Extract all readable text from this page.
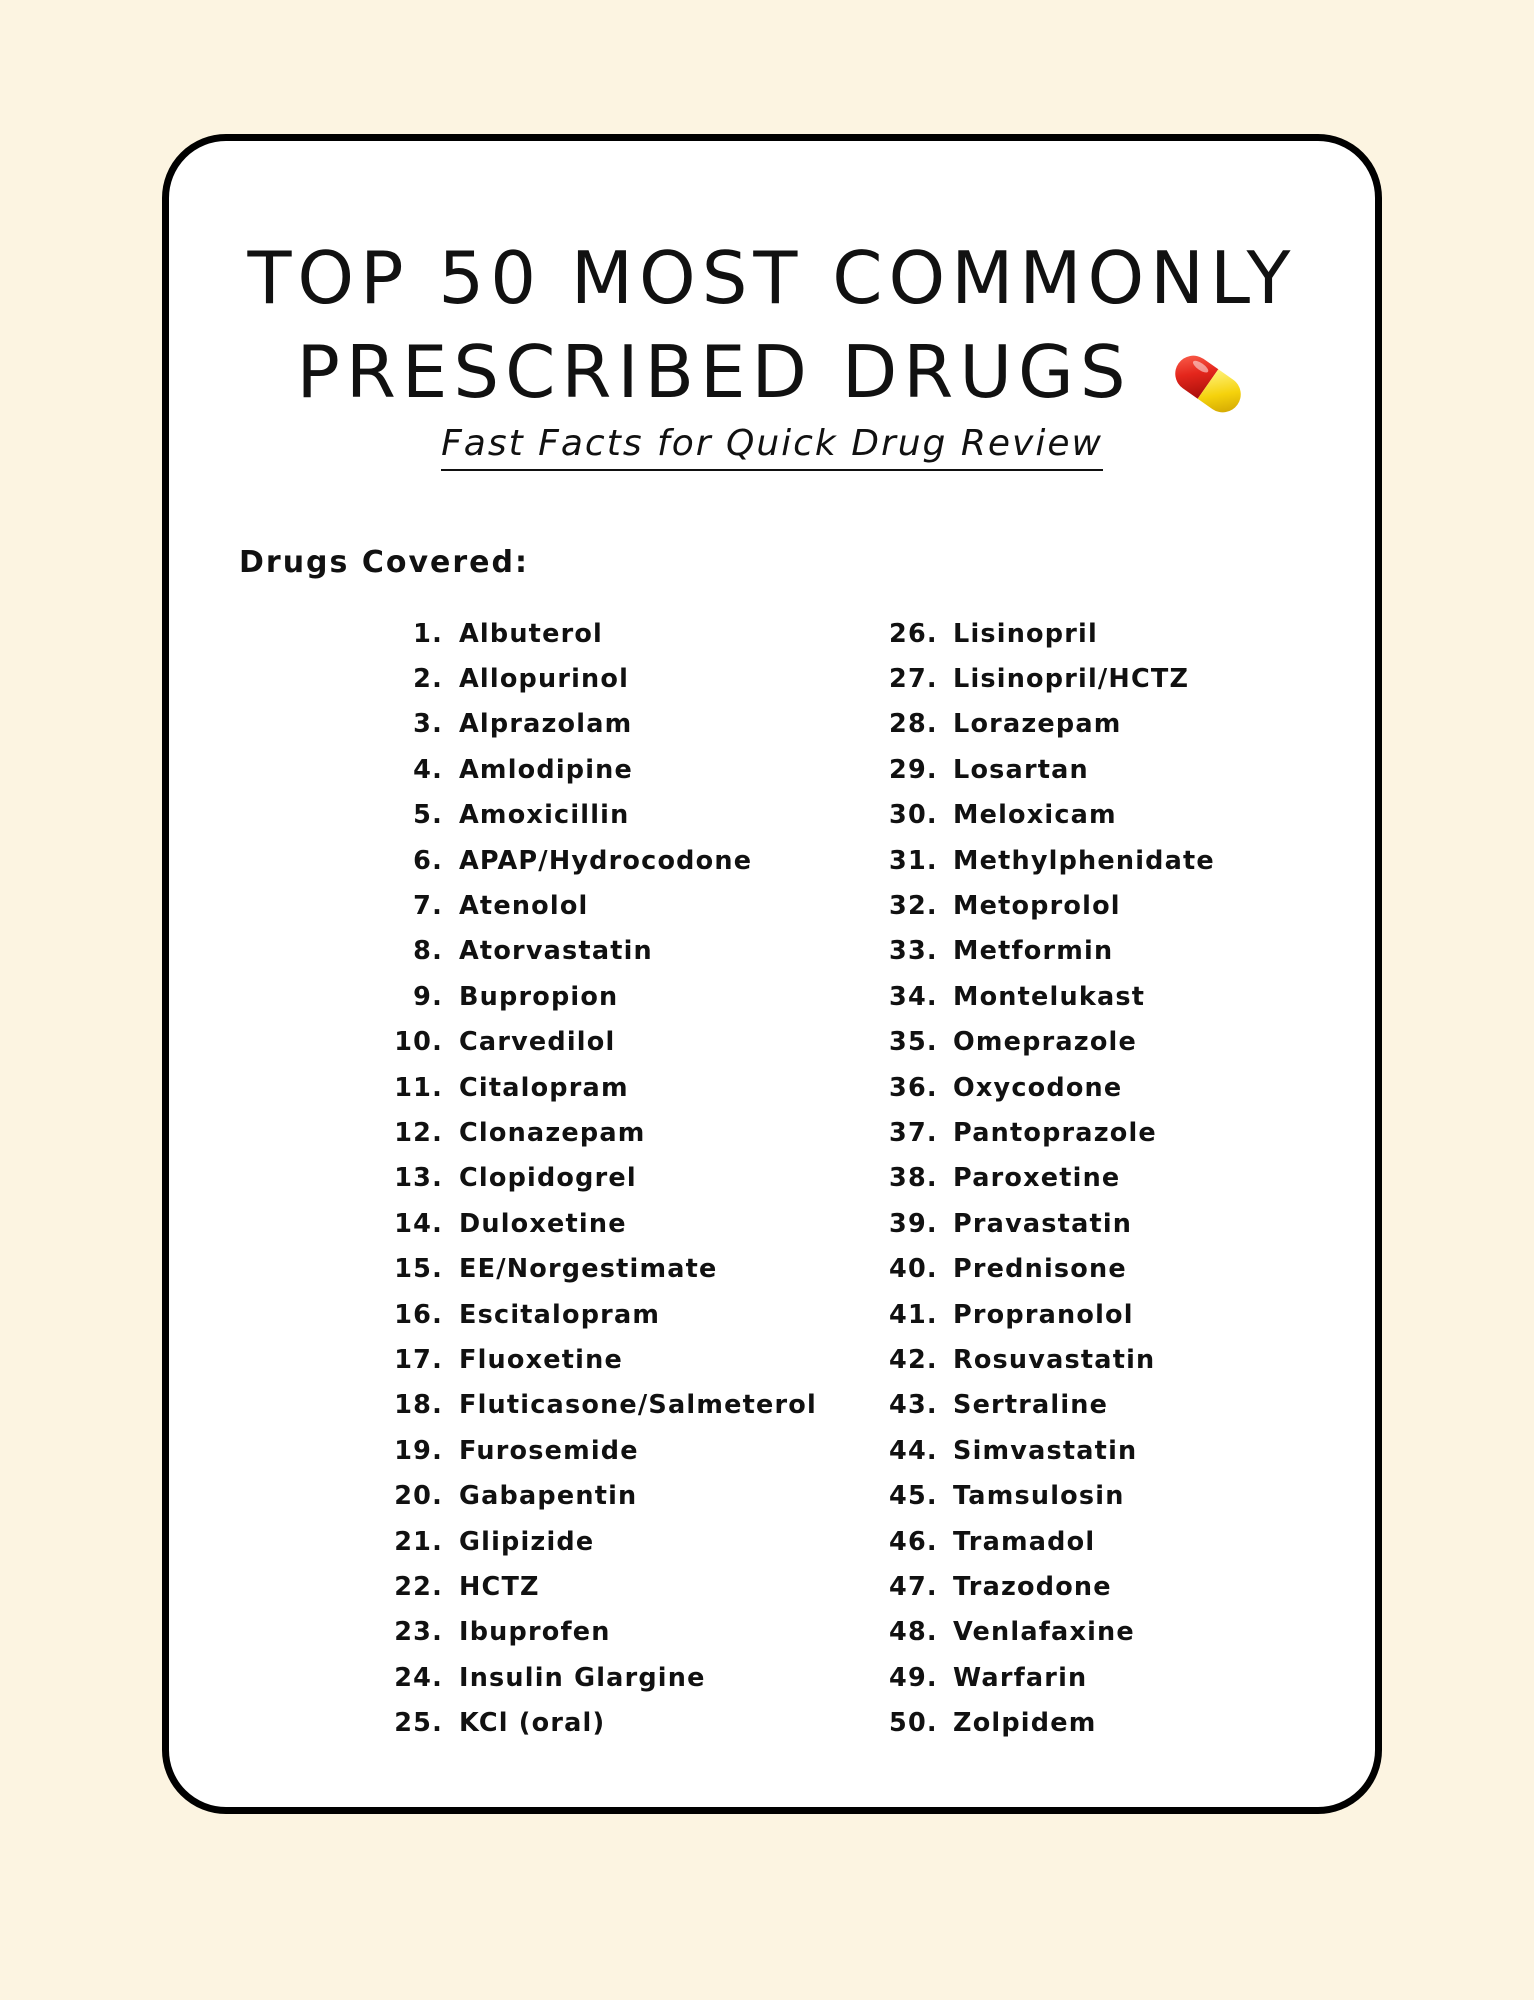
TOP 50 MOST COMMONLY
PRESCRIBED DRUGS
Fast Facts for Quick Drug Review
Drugs Covered:
1. Albuterol
2. Allopurinol
3. Alprazolam
4. Amlodipine
5. Amoxicillin
6. APAP/Hydrocodone
7. Atenolol
8. Atorvastatin
9. Bupropion
10. Carvedilol
11. Citalopram
12. Clonazepam
13. Clopidogrel
14. Duloxetine
15. EE/Norgestimate
16. Escitalopram
17. Fluoxetine
18. Fluticasone/Salmeterol
19. Furosemide
20. Gabapentin
21. Glipizide
22. HCTZ
23. Ibuprofen
24. Insulin Glargine
25. KCl (oral)
26. Lisinopril
27. Lisinopril/HCTZ
28. Lorazepam
29. Losartan
30. Meloxicam
31. Methylphenidate
32. Metoprolol
33. Metformin
34. Montelukast
35. Omeprazole
36. Oxycodone
37. Pantoprazole
38. Paroxetine
39. Pravastatin
40. Prednisone
41. Propranolol
42. Rosuvastatin
43. Sertraline
44. Simvastatin
45. Tamsulosin
46. Tramadol
47. Trazodone
48. Venlafaxine
49. Warfarin
50. Zolpidem
